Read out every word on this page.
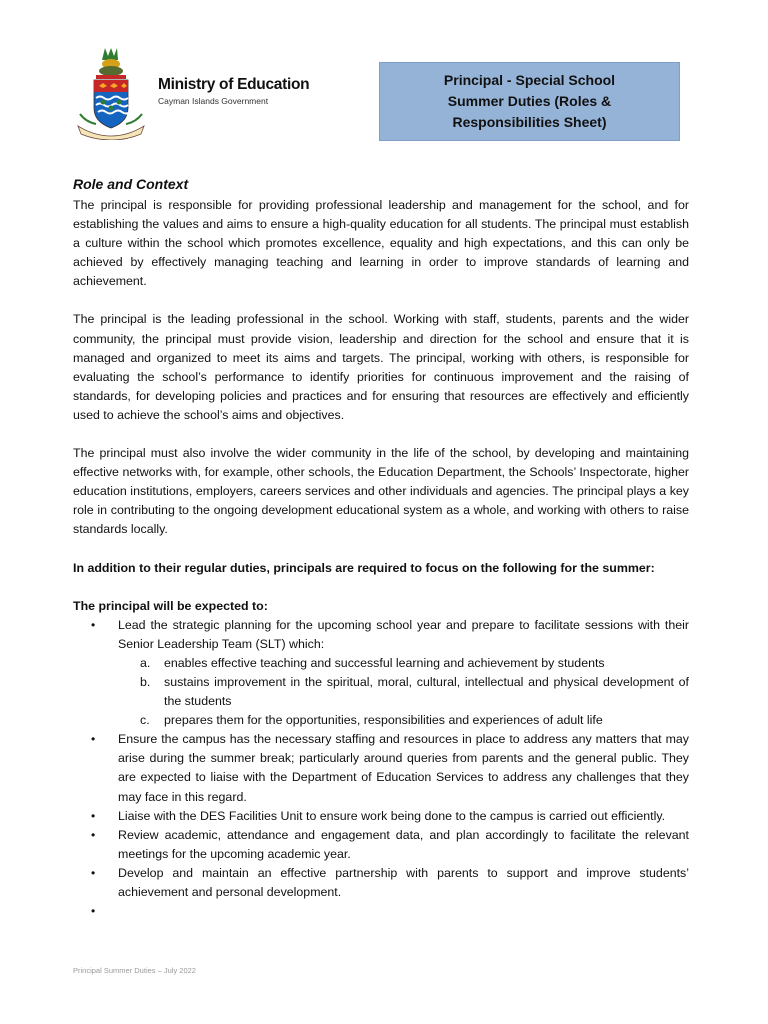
Ministry of Education
Cayman Islands Government
Principal - Special School
Summer Duties (Roles &
Responsibilities Sheet)
Role and Context

The principal is responsible for providing professional leadership and management for the school, and for establishing the values and aims to ensure a high-quality education for all students. The principal must establish a culture within the school which promotes excellence, equality and high expectations, and this can only be achieved by effectively managing teaching and learning in order to improve standards of learning and achievement.

The principal is the leading professional in the school. Working with staff, students, parents and the wider community, the principal must provide vision, leadership and direction for the school and ensure that it is managed and organized to meet its aims and targets. The principal, working with others, is responsible for evaluating the school’s performance to identify priorities for continuous improvement and the raising of standards, for developing policies and practices and for ensuring that resources are effectively and efficiently used to achieve the school’s aims and objectives.

The principal must also involve the wider community in the life of the school, by developing and maintaining effective networks with, for example, other schools, the Education Department, the Schools’ Inspectorate, higher education institutions, employers, careers services and other individuals and agencies. The principal plays a key role in contributing to the ongoing development educational system as a whole, and working with others to raise standards locally.

In addition to their regular duties, principals are required to focus on the following for the summer:

The principal will be expected to:

• Lead the strategic planning for the upcoming school year and prepare to facilitate sessions with their Senior Leadership Team (SLT) which:
a. enables effective teaching and successful learning and achievement by students
b. sustains improvement in the spiritual, moral, cultural, intellectual and physical development of the students
c. prepares them for the opportunities, responsibilities and experiences of adult life
• Ensure the campus has the necessary staffing and resources in place to address any matters that may arise during the summer break; particularly around queries from parents and the general public. They are expected to liaise with the Department of Education Services to address any challenges that they may face in this regard.
• Liaise with the DES Facilities Unit to ensure work being done to the campus is carried out efficiently.
• Review academic, attendance and engagement data, and plan accordingly to facilitate the relevant meetings for the upcoming academic year.
• Develop and maintain an effective partnership with parents to support and improve students’ achievement and personal development.
•
Principal Summer Duties – July 2022
